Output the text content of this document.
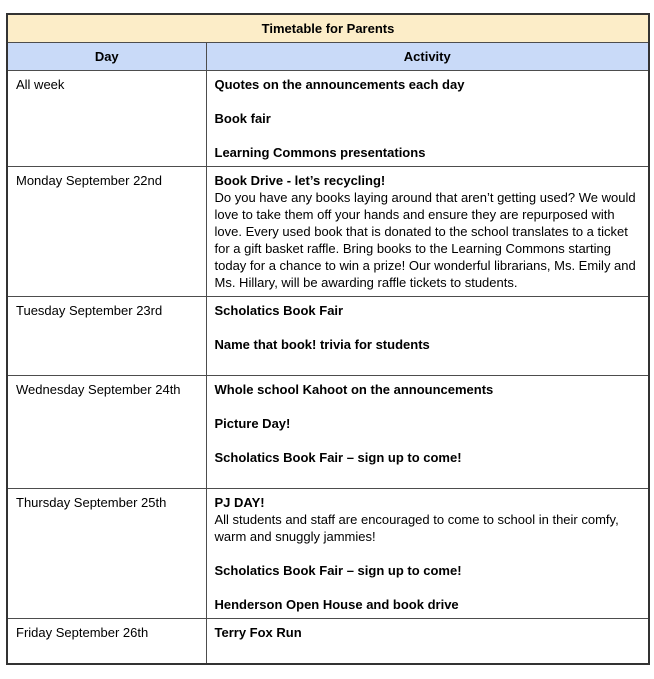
Timetable for Parents	
Day	Activity
All week	Quotes on the announcements each day
Book fair
Learning Commons presentations

Monday September 22nd	Book Drive - let’s recycling!
Do you have any books laying around that aren’t getting used? We would love to take them off your hands and ensure they are repurposed with love. Every used book that is donated to the school translates to a ticket for a gift basket raffle. Bring books to the Learning Commons starting today for a chance to win a prize! Our wonderful librarians, Ms. Emily and Ms. Hillary, will be awarding raffle tickets to students.

Tuesday September 23rd	Scholatics Book Fair
Name that book! trivia for students

Wednesday September 24th	Whole school Kahoot on the announcements
Picture Day!
Scholatics Book Fair – sign up to come!

Thursday September 25th	PJ DAY!
All students and staff are encouraged to come to school in their comfy, warm and snuggly jammies!
Scholatics Book Fair – sign up to come!
Henderson Open House and book drive

Friday September 26th	Terry Fox Run
